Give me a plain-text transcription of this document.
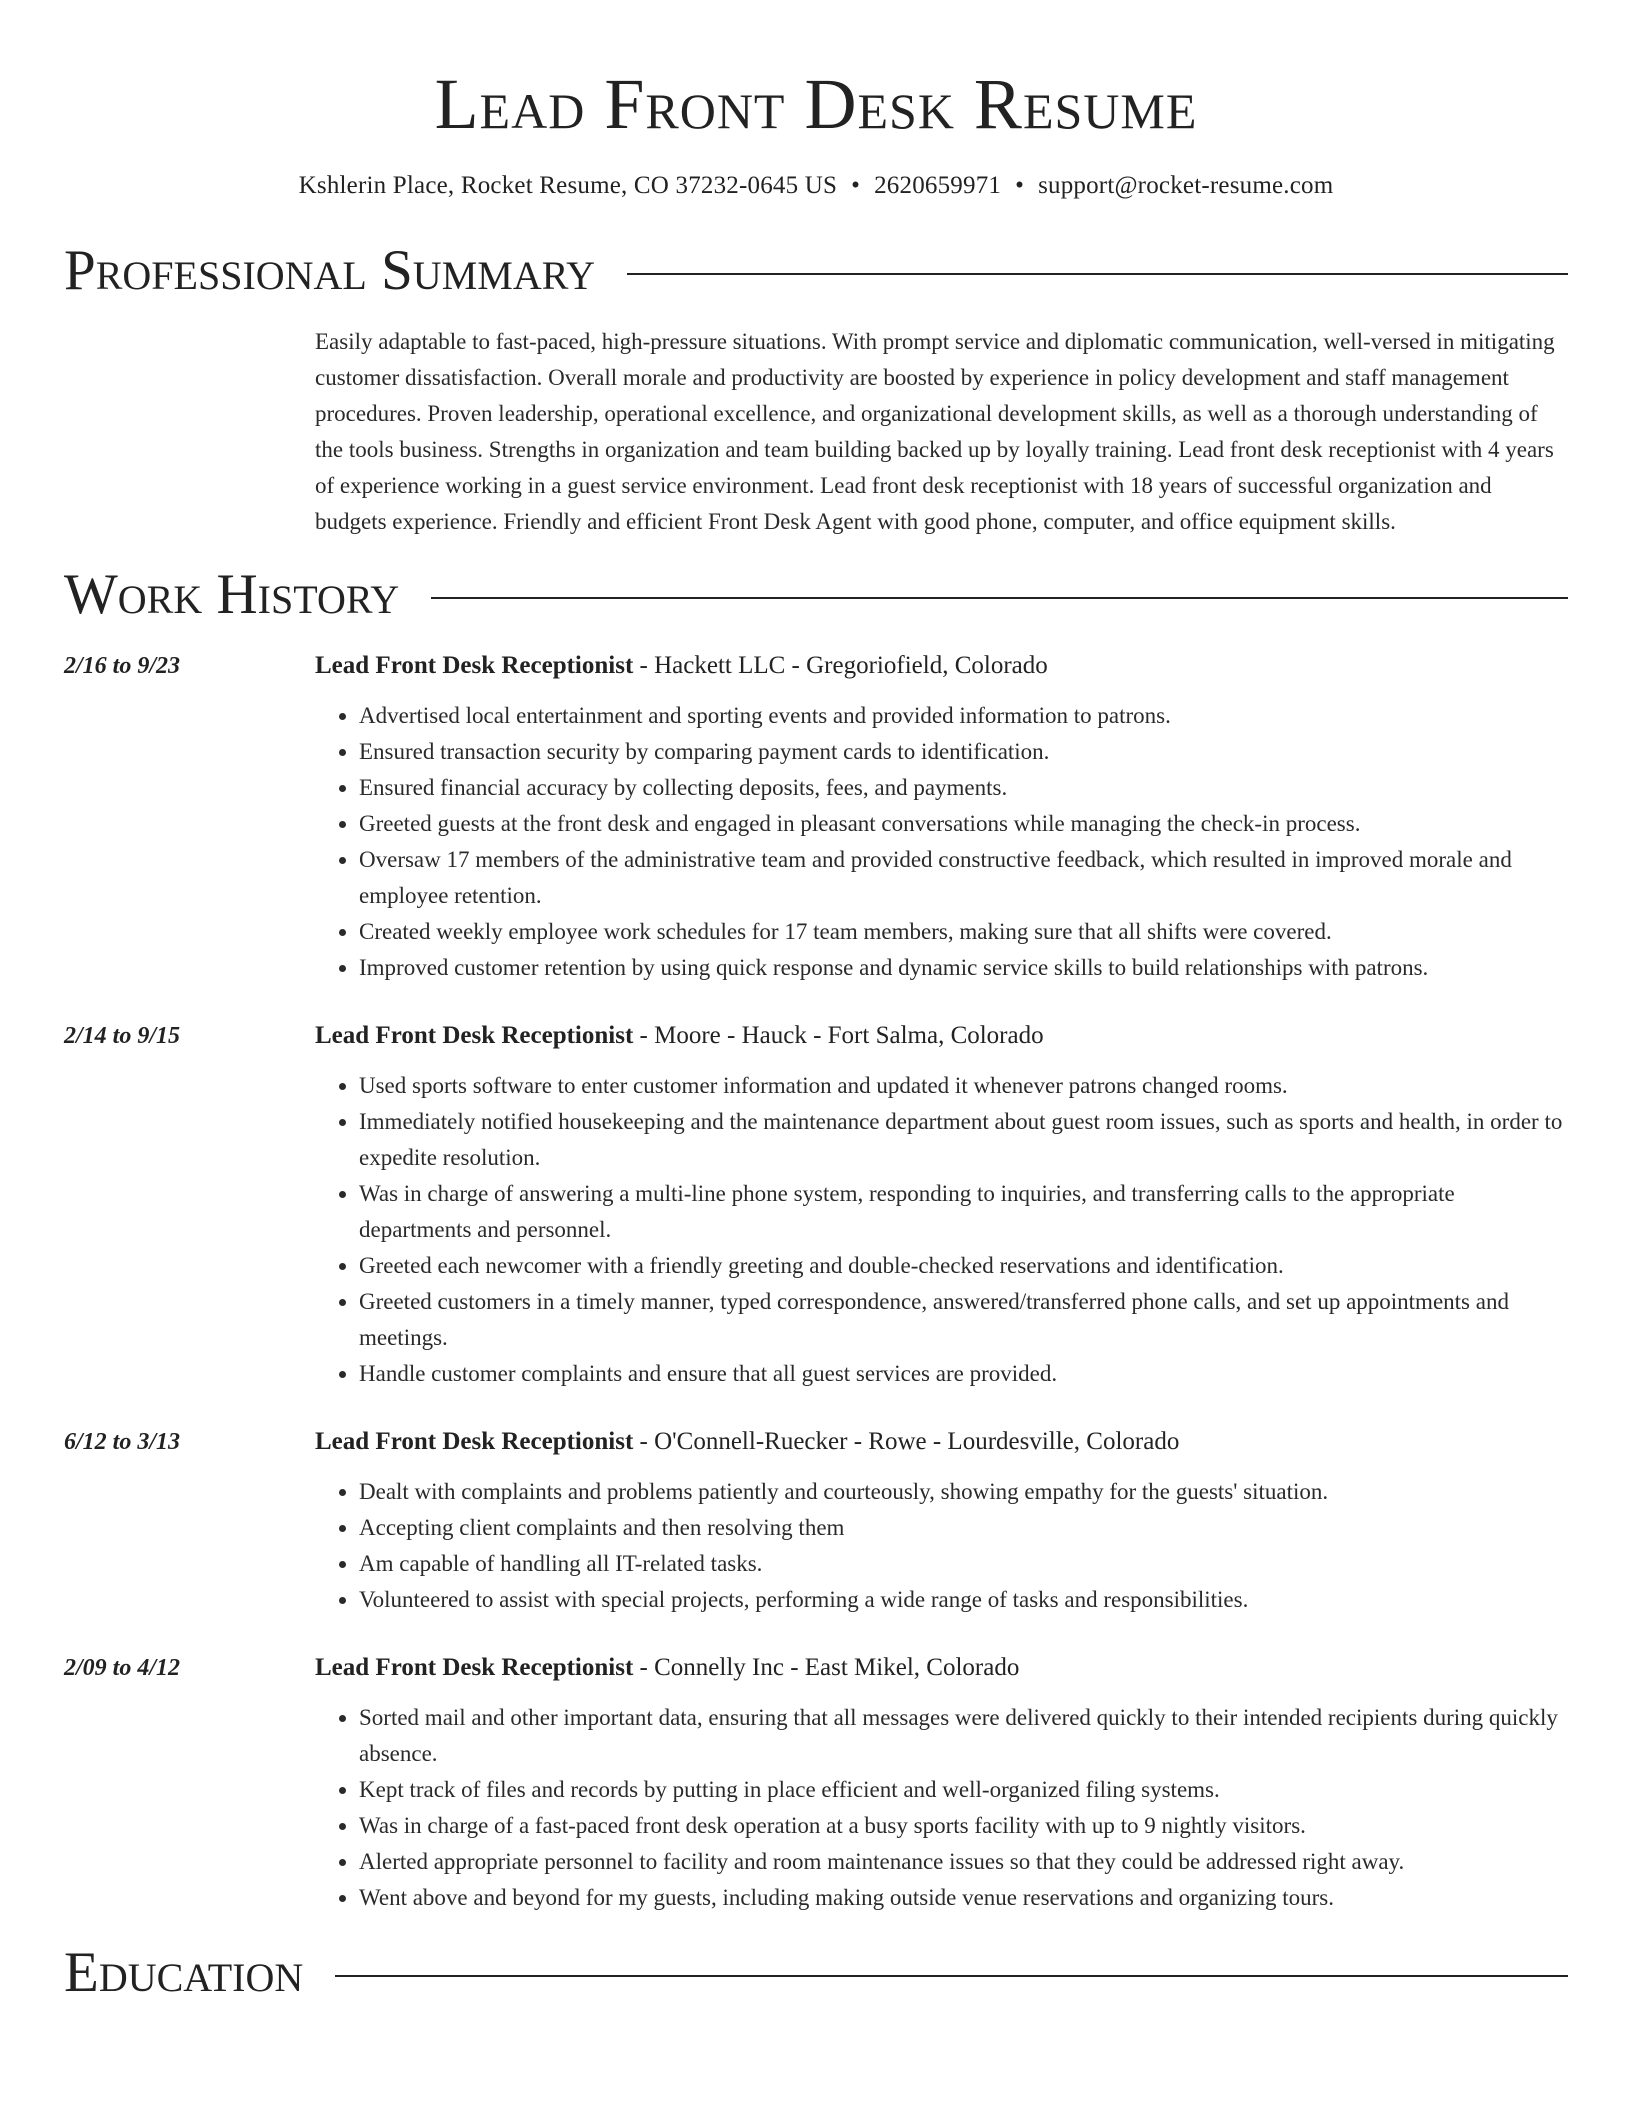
Lead Front Desk Resume
Kshlerin Place, Rocket Resume, CO 37232-0645 US • 2620659971 • support@rocket-resume.com
Professional Summary
Easily adaptable to fast-paced, high-pressure situations. With prompt service and diplomatic communication, well-versed in mitigating customer dissatisfaction. Overall morale and productivity are boosted by experience in policy development and staff management procedures. Proven leadership, operational excellence, and organizational development skills, as well as a thorough understanding of the tools business. Strengths in organization and team building backed up by loyally training. Lead front desk receptionist with 4 years of experience working in a guest service environment. Lead front desk receptionist with 18 years of successful organization and budgets experience. Friendly and efficient Front Desk Agent with good phone, computer, and office equipment skills.
Work History
2/16 to 9/23	Lead Front Desk Receptionist - Hackett LLC - Gregoriofield, Colorado
• Advertised local entertainment and sporting events and provided information to patrons.
• Ensured transaction security by comparing payment cards to identification.
• Ensured financial accuracy by collecting deposits, fees, and payments.
• Greeted guests at the front desk and engaged in pleasant conversations while managing the check-in process.
• Oversaw 17 members of the administrative team and provided constructive feedback, which resulted in improved morale and employee retention.
• Created weekly employee work schedules for 17 team members, making sure that all shifts were covered.
• Improved customer retention by using quick response and dynamic service skills to build relationships with patrons.
2/14 to 9/15	Lead Front Desk Receptionist - Moore - Hauck - Fort Salma, Colorado
• Used sports software to enter customer information and updated it whenever patrons changed rooms.
• Immediately notified housekeeping and the maintenance department about guest room issues, such as sports and health, in order to expedite resolution.
• Was in charge of answering a multi-line phone system, responding to inquiries, and transferring calls to the appropriate departments and personnel.
• Greeted each newcomer with a friendly greeting and double-checked reservations and identification.
• Greeted customers in a timely manner, typed correspondence, answered/transferred phone calls, and set up appointments and meetings.
• Handle customer complaints and ensure that all guest services are provided.
6/12 to 3/13	Lead Front Desk Receptionist - O'Connell-Ruecker - Rowe - Lourdesville, Colorado
• Dealt with complaints and problems patiently and courteously, showing empathy for the guests' situation.
• Accepting client complaints and then resolving them
• Am capable of handling all IT-related tasks.
• Volunteered to assist with special projects, performing a wide range of tasks and responsibilities.
2/09 to 4/12	Lead Front Desk Receptionist - Connelly Inc - East Mikel, Colorado
• Sorted mail and other important data, ensuring that all messages were delivered quickly to their intended recipients during quickly absence.
• Kept track of files and records by putting in place efficient and well-organized filing systems.
• Was in charge of a fast-paced front desk operation at a busy sports facility with up to 9 nightly visitors.
• Alerted appropriate personnel to facility and room maintenance issues so that they could be addressed right away.
• Went above and beyond for my guests, including making outside venue reservations and organizing tours.
Education
